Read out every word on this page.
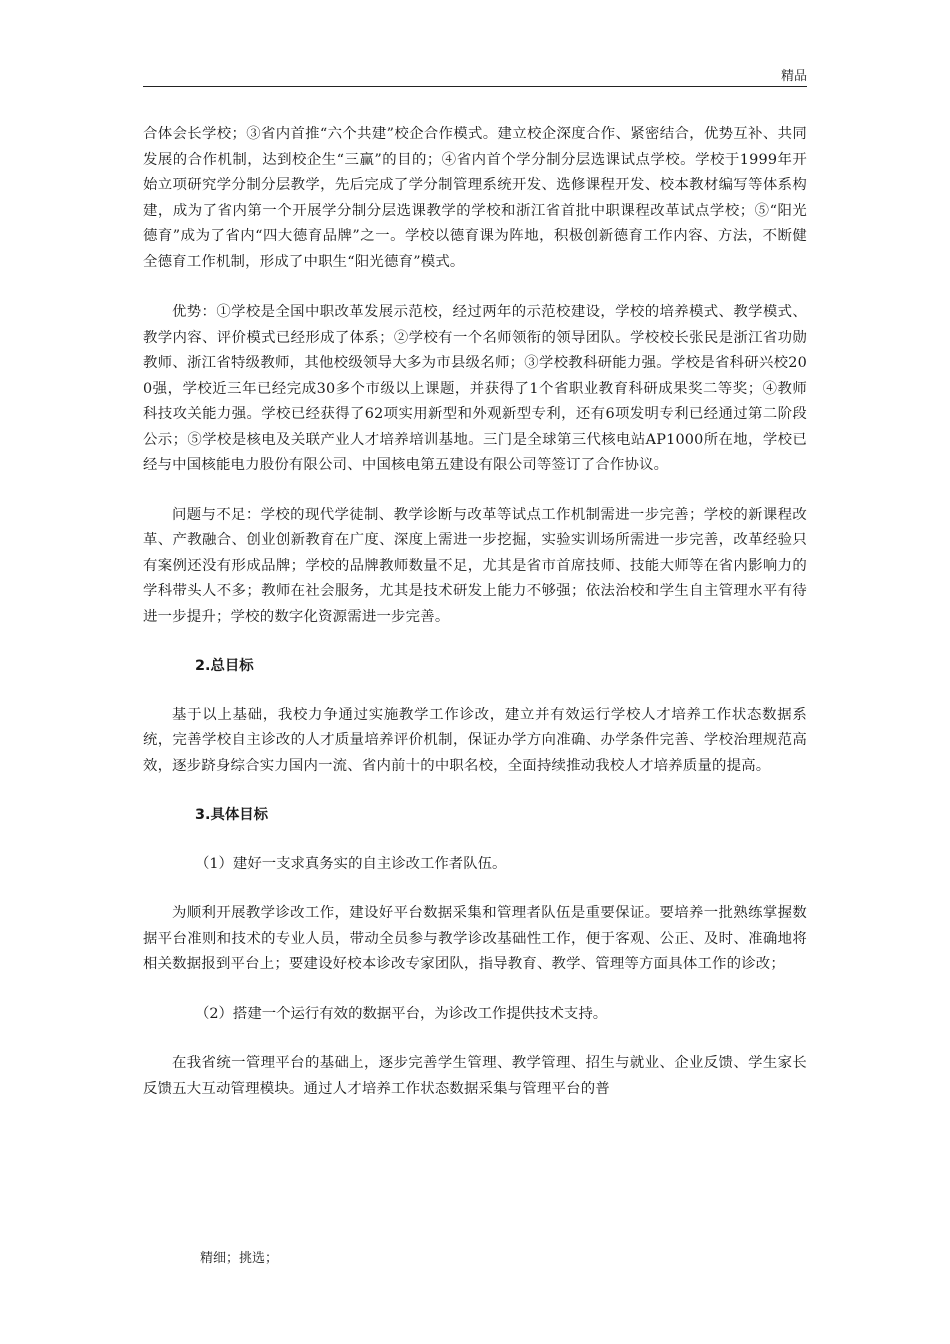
精品

合体会长学校；③省内首推“六个共建”校企合作模式。建立校企深度合作、紧密结合，优势互补、共同发展的合作机制，达到校企生“三赢”的目的；④省内首个学分制分层选课试点学校。学校于1999年开始立项研究学分制分层教学，先后完成了学分制管理系统开发、选修课程开发、校本教材编写等体系构建，成为了省内第一个开展学分制分层选课教学的学校和浙江省首批中职课程改革试点学校；⑤“阳光德育”成为了省内“四大德育品牌”之一。学校以德育课为阵地，积极创新德育工作内容、方法，不断健全德育工作机制，形成了中职生“阳光德育”模式。

优势：①学校是全国中职改革发展示范校，经过两年的示范校建设，学校的培养模式、教学模式、教学内容、评价模式已经形成了体系；②学校有一个名师领衔的领导团队。学校校长张民是浙江省功勋教师、浙江省特级教师，其他校级领导大多为市县级名师；③学校教科研能力强。学校是省科研兴校200强，学校近三年已经完成30多个市级以上课题，并获得了1个省职业教育科研成果奖二等奖；④教师科技攻关能力强。学校已经获得了62项实用新型和外观新型专利，还有6项发明专利已经通过第二阶段公示；⑤学校是核电及关联产业人才培养培训基地。三门是全球第三代核电站AP1000所在地，学校已经与中国核能电力股份有限公司、中国核电第五建设有限公司等签订了合作协议。

问题与不足：学校的现代学徒制、教学诊断与改革等试点工作机制需进一步完善；学校的新课程改革、产教融合、创业创新教育在广度、深度上需进一步挖掘，实验实训场所需进一步完善，改革经验只有案例还没有形成品牌；学校的品牌教师数量不足，尤其是省市首席技师、技能大师等在省内影响力的学科带头人不多；教师在社会服务，尤其是技术研发上能力不够强；依法治校和学生自主管理水平有待进一步提升；学校的数字化资源需进一步完善。

2.总目标

基于以上基础，我校力争通过实施教学工作诊改，建立并有效运行学校人才培养工作状态数据系统，完善学校自主诊改的人才质量培养评价机制，保证办学方向准确、办学条件完善、学校治理规范高效，逐步跻身综合实力国内一流、省内前十的中职名校，全面持续推动我校人才培养质量的提高。

3.具体目标
（1）建好一支求真务实的自主诊改工作者队伍。

为顺利开展教学诊改工作，建设好平台数据采集和管理者队伍是重要保证。要培养一批熟练掌握数据平台准则和技术的专业人员，带动全员参与教学诊改基础性工作，便于客观、公正、及时、准确地将相关数据报到平台上；要建设好校本诊改专家团队，指导教育、教学、管理等方面具体工作的诊改；

（2）搭建一个运行有效的数据平台，为诊改工作提供技术支持。

在我省统一管理平台的基础上，逐步完善学生管理、教学管理、招生与就业、企业反馈、学生家长反馈五大互动管理模块。通过人才培养工作状态数据采集与管理平台的普

精细；挑选；
